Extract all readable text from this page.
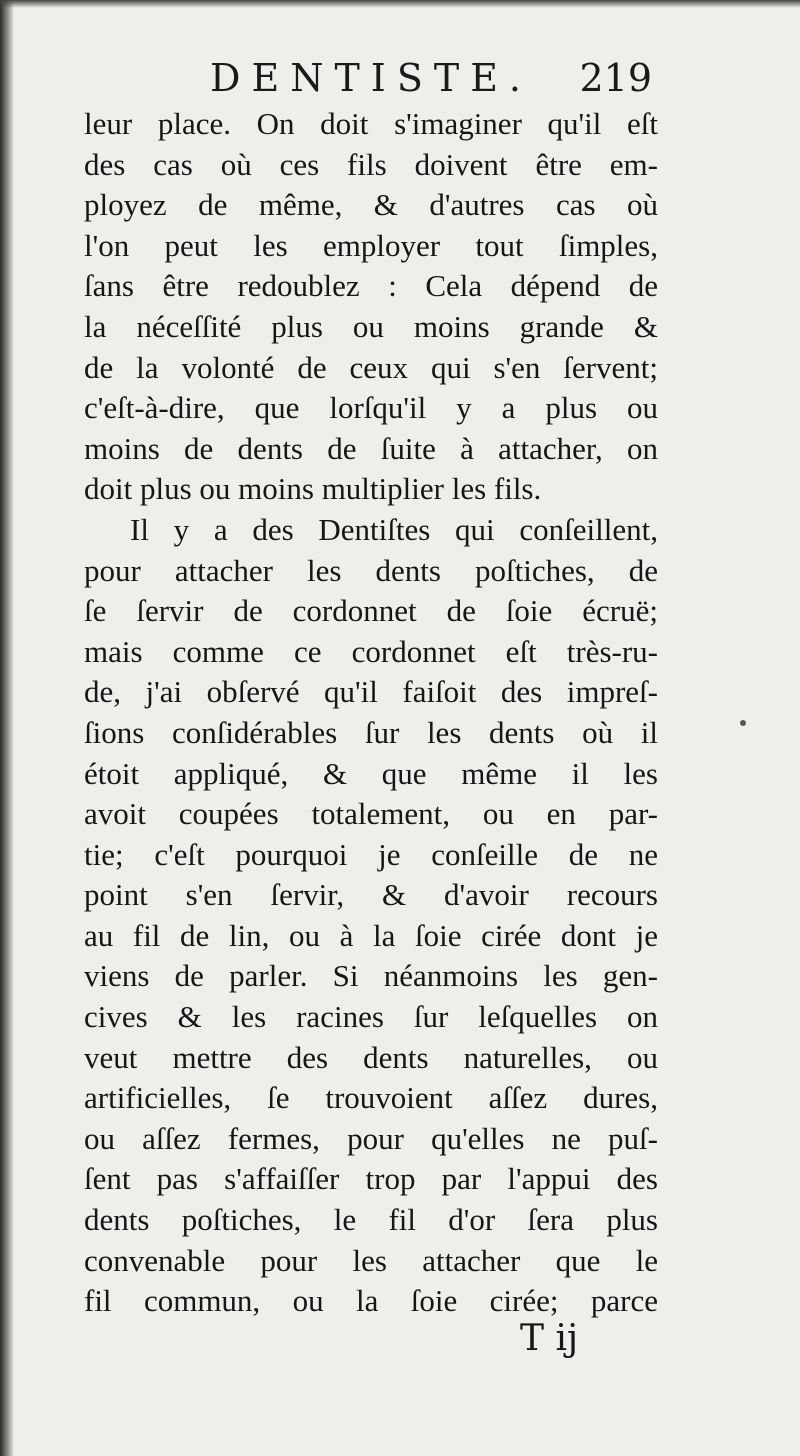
DENTISTE. 219
leur place. On doit s'imaginer qu'il eſt
des cas où ces fils doivent être em-
ployez de même, & d'autres cas où
l'on peut les employer tout ſimples,
ſans être redoublez : Cela dépend de
la néceſſité plus ou moins grande &
de la volonté de ceux qui s'en ſervent;
c'eſt-à-dire, que lorſqu'il y a plus ou
moins de dents de ſuite à attacher, on
doit plus ou moins multiplier les fils.
Il y a des Dentiſtes qui conſeillent,
pour attacher les dents poſtiches, de
ſe ſervir de cordonnet de ſoie écruë;
mais comme ce cordonnet eſt très-ru-
de, j'ai obſervé qu'il faiſoit des impreſ-
ſions conſidérables ſur les dents où il
étoit appliqué, & que même il les
avoit coupées totalement, ou en par-
tie; c'eſt pourquoi je conſeille de ne
point s'en ſervir, & d'avoir recours
au fil de lin, ou à la ſoie cirée dont je
viens de parler. Si néanmoins les gen-
cives & les racines ſur leſquelles on
veut mettre des dents naturelles, ou
artificielles, ſe trouvoient aſſez dures,
ou aſſez fermes, pour qu'elles ne puſ-
ſent pas s'affaiſſer trop par l'appui des
dents poſtiches, le fil d'or ſera plus
convenable pour les attacher que le
fil commun, ou la ſoie cirée; parce
T ij
